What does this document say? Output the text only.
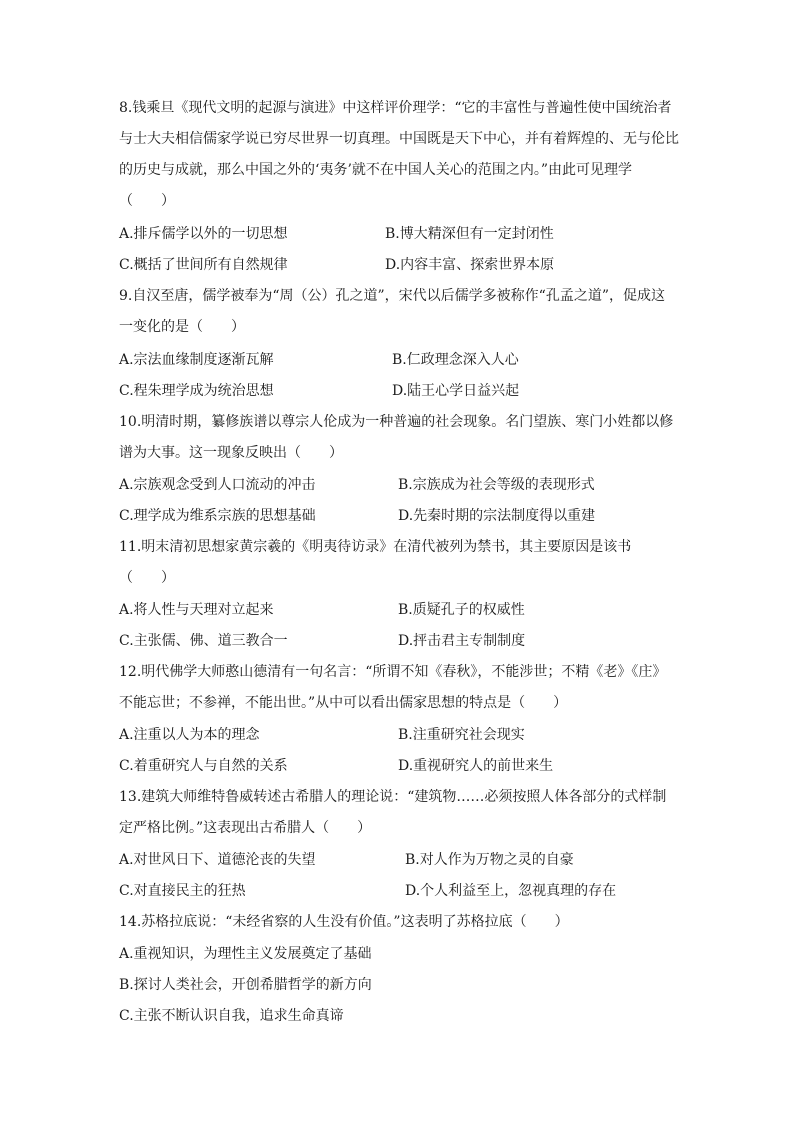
8.钱乘旦《现代文明的起源与演进》中这样评价理学：“它的丰富性与普遍性使中国统治者
与士大夫相信儒家学说已穷尽世界一切真理。中国既是天下中心，并有着辉煌的、无与伦比
的历史与成就，那么中国之外的‘夷务’就不在中国人关心的范围之内。”由此可见理学
（　　）
A.排斥儒学以外的一切思想	B.博大精深但有一定封闭性
C.概括了世间所有自然规律	D.内容丰富、探索世界本原
9.自汉至唐，儒学被奉为“周（公）孔之道”，宋代以后儒学多被称作“孔孟之道”，促成这
一变化的是（　　）
A.宗法血缘制度逐渐瓦解	B.仁政理念深入人心
C.程朱理学成为统治思想	D.陆王心学日益兴起
10.明清时期，纂修族谱以尊宗人伦成为一种普遍的社会现象。名门望族、寒门小姓都以修
谱为大事。这一现象反映出（　　）
A.宗族观念受到人口流动的冲击	B.宗族成为社会等级的表现形式
C.理学成为维系宗族的思想基础	D.先秦时期的宗法制度得以重建
11.明末清初思想家黄宗羲的《明夷待访录》在清代被列为禁书，其主要原因是该书
（　　）
A.将人性与天理对立起来	B.质疑孔子的权威性
C.主张儒、佛、道三教合一	D.抨击君主专制制度
12.明代佛学大师憨山德清有一句名言：“所谓不知《春秋》，不能涉世；不精《老》《庄》
不能忘世；不参禅，不能出世。”从中可以看出儒家思想的特点是（　　）
A.注重以人为本的理念	B.注重研究社会现实
C.着重研究人与自然的关系	D.重视研究人的前世来生
13.建筑大师维特鲁威转述古希腊人的理论说：“建筑物……必须按照人体各部分的式样制
定严格比例。”这表现出古希腊人（　　）
A.对世风日下、道德沦丧的失望	B.对人作为万物之灵的自豪
C.对直接民主的狂热	D.个人利益至上，忽视真理的存在
14.苏格拉底说：“未经省察的人生没有价值。”这表明了苏格拉底（　　）
A.重视知识，为理性主义发展奠定了基础
B.探讨人类社会，开创希腊哲学的新方向
C.主张不断认识自我，追求生命真谛
